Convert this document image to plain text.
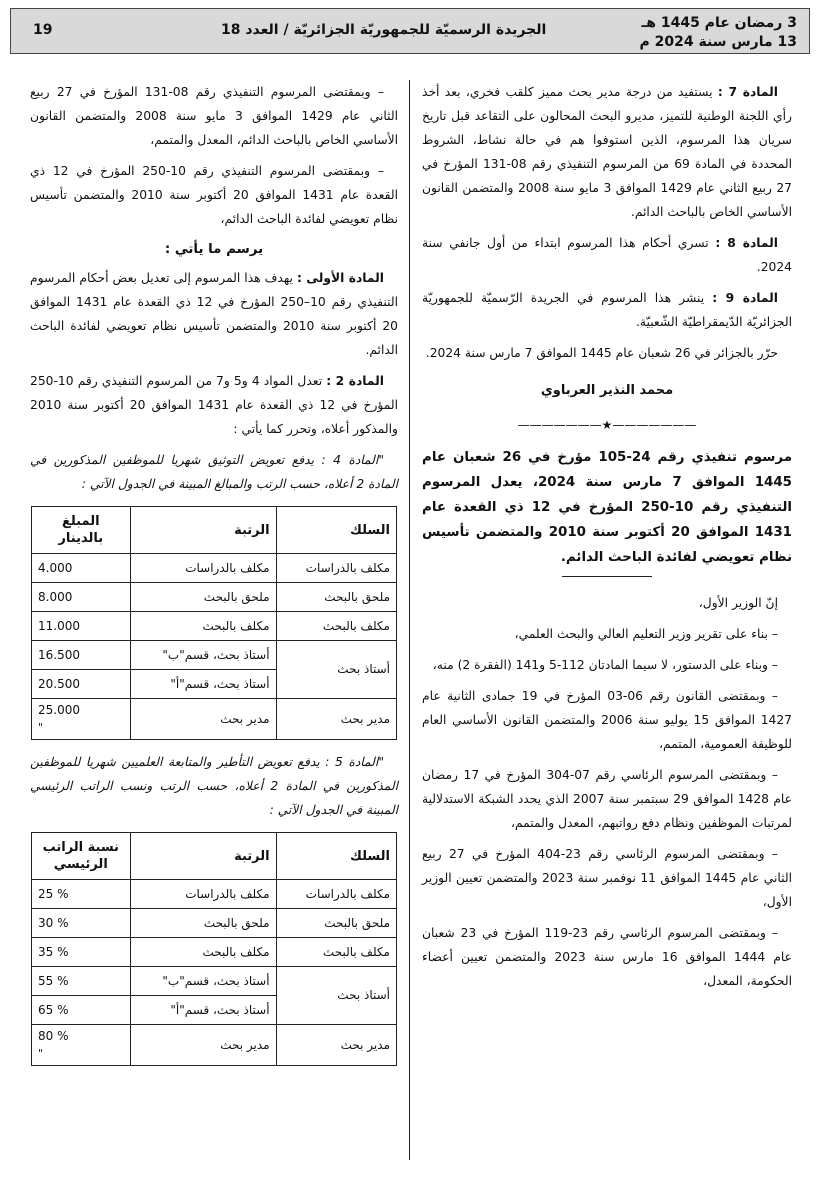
3 رمضان عام 1445 هـ
13 مارس سنة 2024 م
الجريدة الرسميّة للجمهوريّة الجزائريّة / العدد 18
19

المادة 7 : يستفيد من درجة مدير بحث مميز كلقب فخري، بعد أخذ رأي اللجنة الوطنية للتميز، مديرو البحث المحالون على التقاعد قبل تاريخ سريان هذا المرسوم، الذين استوفوا هم في حالة نشاط، الشروط المحددة في المادة 69 من المرسوم التنفيذي رقم 08-131 المؤرخ في 27 ربيع الثاني عام 1429 الموافق 3 مايو سنة 2008 والمتضمن القانون الأساسي الخاص بالباحث الدائم.

المادة 8 : تسري أحكام هذا المرسوم ابتداء من أول جانفي سنة 2024.

المادة 9 : ينشر هذا المرسوم في الجريدة الرّسميّة للجمهوريّة الجزائريّة الدّيمقراطيّة الشّعبيّة.

حرّر بالجزائر في 26 شعبان عام 1445 الموافق 7 مارس سنة 2024.

محمد النذير العرباوي
———————★———————
مرسوم تنفيذي رقم 24-105 مؤرخ في 26 شعبان عام 1445 الموافق 7 مارس سنة 2024، يعدل المرسوم التنفيذي رقم 10-250 المؤرخ في 12 ذي القعدة عام 1431 الموافق 20 أكتوبر سنة 2010 والمتضمن تأسيس نظام تعويضي لفائدة الباحث الدائم.

إنّ الوزير الأول،

– بناء على تقرير وزير التعليم العالي والبحث العلمي،

– وبناء على الدستور، لا سيما المادتان 112-5 و141 (الفقرة 2) منه،

– وبمقتضى القانون رقم 06-03 المؤرخ في 19 جمادى الثانية عام 1427 الموافق 15 يوليو سنة 2006 والمتضمن القانون الأساسي العام للوظيفة العمومية، المتمم،

– وبمقتضى المرسوم الرئاسي رقم 07-304 المؤرخ في 17 رمضان عام 1428 الموافق 29 سبتمبر سنة 2007 الذي يحدد الشبكة الاستدلالية لمرتبات الموظفين ونظام دفع رواتبهم، المعدل والمتمم،

– وبمقتضى المرسوم الرئاسي رقم 23-404 المؤرخ في 27 ربيع الثاني عام 1445 الموافق 11 نوفمبر سنة 2023 والمتضمن تعيين الوزير الأول،

– وبمقتضى المرسوم الرئاسي رقم 23-119 المؤرخ في 23 شعبان عام 1444 الموافق 16 مارس سنة 2023 والمتضمن تعيين أعضاء الحكومة، المعدل،

– وبمقتضى المرسوم التنفيذي رقم 08-131 المؤرخ في 27 ربيع الثاني عام 1429 الموافق 3 مايو سنة 2008 والمتضمن القانون الأساسي الخاص بالباحث الدائم، المعدل والمتمم،

– وبمقتضى المرسوم التنفيذي رقم 10-250 المؤرخ في 12 ذي القعدة عام 1431 الموافق 20 أكتوبر سنة 2010 والمتضمن تأسيس نظام تعويضي لفائدة الباحث الدائم،

يرسم ما يأتي :

المادة الأولى : يهدف هذا المرسوم إلى تعديل بعض أحكام المرسوم التنفيذي رقم 10–250 المؤرخ في 12 ذي القعدة عام 1431 الموافق 20 أكتوبر سنة 2010 والمتضمن تأسيس نظام تعويضي لفائدة الباحث الدائم.

المادة 2 : تعدل المواد 4 و5 و7 من المرسوم التنفيذي رقم 10-250 المؤرخ في 12 ذي القعدة عام 1431 الموافق 20 أكتوبر سنة 2010 والمذكور أعلاه، وتحرر كما يأتي :

"المادة 4 : يدفع تعويض التوثيق شهريا للموظفين المذكورين في المادة 2 أعلاه، حسب الرتب والمبالغ المبينة في الجدول الآتي :

السلك	الرتبة	المبلغ بالدينار
مكلف بالدراسات	مكلف بالدراسات	4.000
ملحق بالبحث	ملحق بالبحث	8.000
مكلف بالبحث	مكلف بالبحث	11.000
أستاذ بحث	أستاذ بحث، قسم"ب"	16.500
	أستاذ بحث، قسم"أ"	20.500
مدير بحث	مدير بحث	25.000
"

"المادة 5 : يدفع تعويض التأطير والمتابعة العلميين شهريا للموظفين المذكورين في المادة 2 أعلاه، حسب الرتب ونسب الراتب الرئيسي المبينة في الجدول الآتي :

السلك	الرتبة	نسبة الراتب الرئيسي
مكلف بالدراسات	مكلف بالدراسات	25 %
ملحق بالبحث	ملحق بالبحث	30 %
مكلف بالبحث	مكلف بالبحث	35 %
أستاذ بحث	أستاذ بحث، قسم"ب"	55 %
	أستاذ بحث، قسم"أ"	65 %
مدير بحث	مدير بحث	80 %
"
